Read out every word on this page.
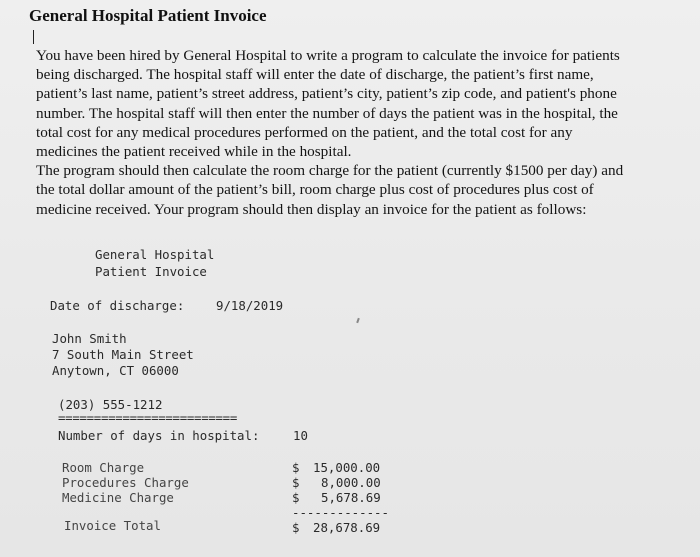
General Hospital Patient Invoice
You have been hired by General Hospital to write a program to calculate the invoice for patients
being discharged. The hospital staff will enter the date of discharge, the patient’s first name,
patient’s last name, patient’s street address, patient’s city, patient’s zip code, and patient's phone
number. The hospital staff will then enter the number of days the patient was in the hospital, the
total cost for any medical procedures performed on the patient, and the total cost for any
medicines the patient received while in the hospital.
The program should then calculate the room charge for the patient (currently $1500 per day) and
the total dollar amount of the patient’s bill, room charge plus cost of procedures plus cost of
medicine received. Your program should then display an invoice for the patient as follows:
General Hospital
Patient Invoice
Date of discharge:	9/18/2019
John Smith
7 South Main Street
Anytown, CT 06000
(203) 555-1212
=========================
Number of days in hospital:	10
Room Charge	$ 15,000.00
Procedures Charge	$ 8,000.00
Medicine Charge	$ 5,678.69
-------------
Invoice Total	$ 28,678.69
